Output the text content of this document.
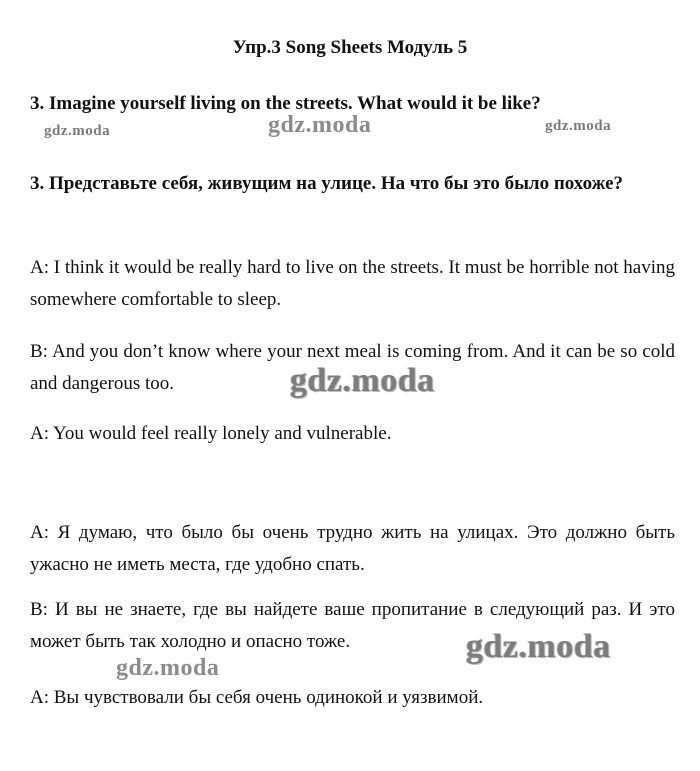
Упр.3 Song Sheets Модуль 5
3. Imagine yourself living on the streets. What would it be like?
gdz.moda	gdz.moda	gdz.moda
3. Представьте себя, живущим на улице. На что бы это было похоже?
A: I think it would be really hard to live on the streets. It must be horrible not having somewhere comfortable to sleep.
B: And you don’t know where your next meal is coming from. And it can be so cold and dangerous too.	gdz.moda
A: You would feel really lonely and vulnerable.
А: Я думаю, что было бы очень трудно жить на улицах. Это должно быть ужасно не иметь места, где удобно спать.
В: И вы не знаете, где вы найдете ваше пропитание в следующий раз. И это может быть так холодно и опасно тоже.	gdz.moda
gdz.moda
А: Вы чувствовали бы себя очень одинокой и уязвимой.
